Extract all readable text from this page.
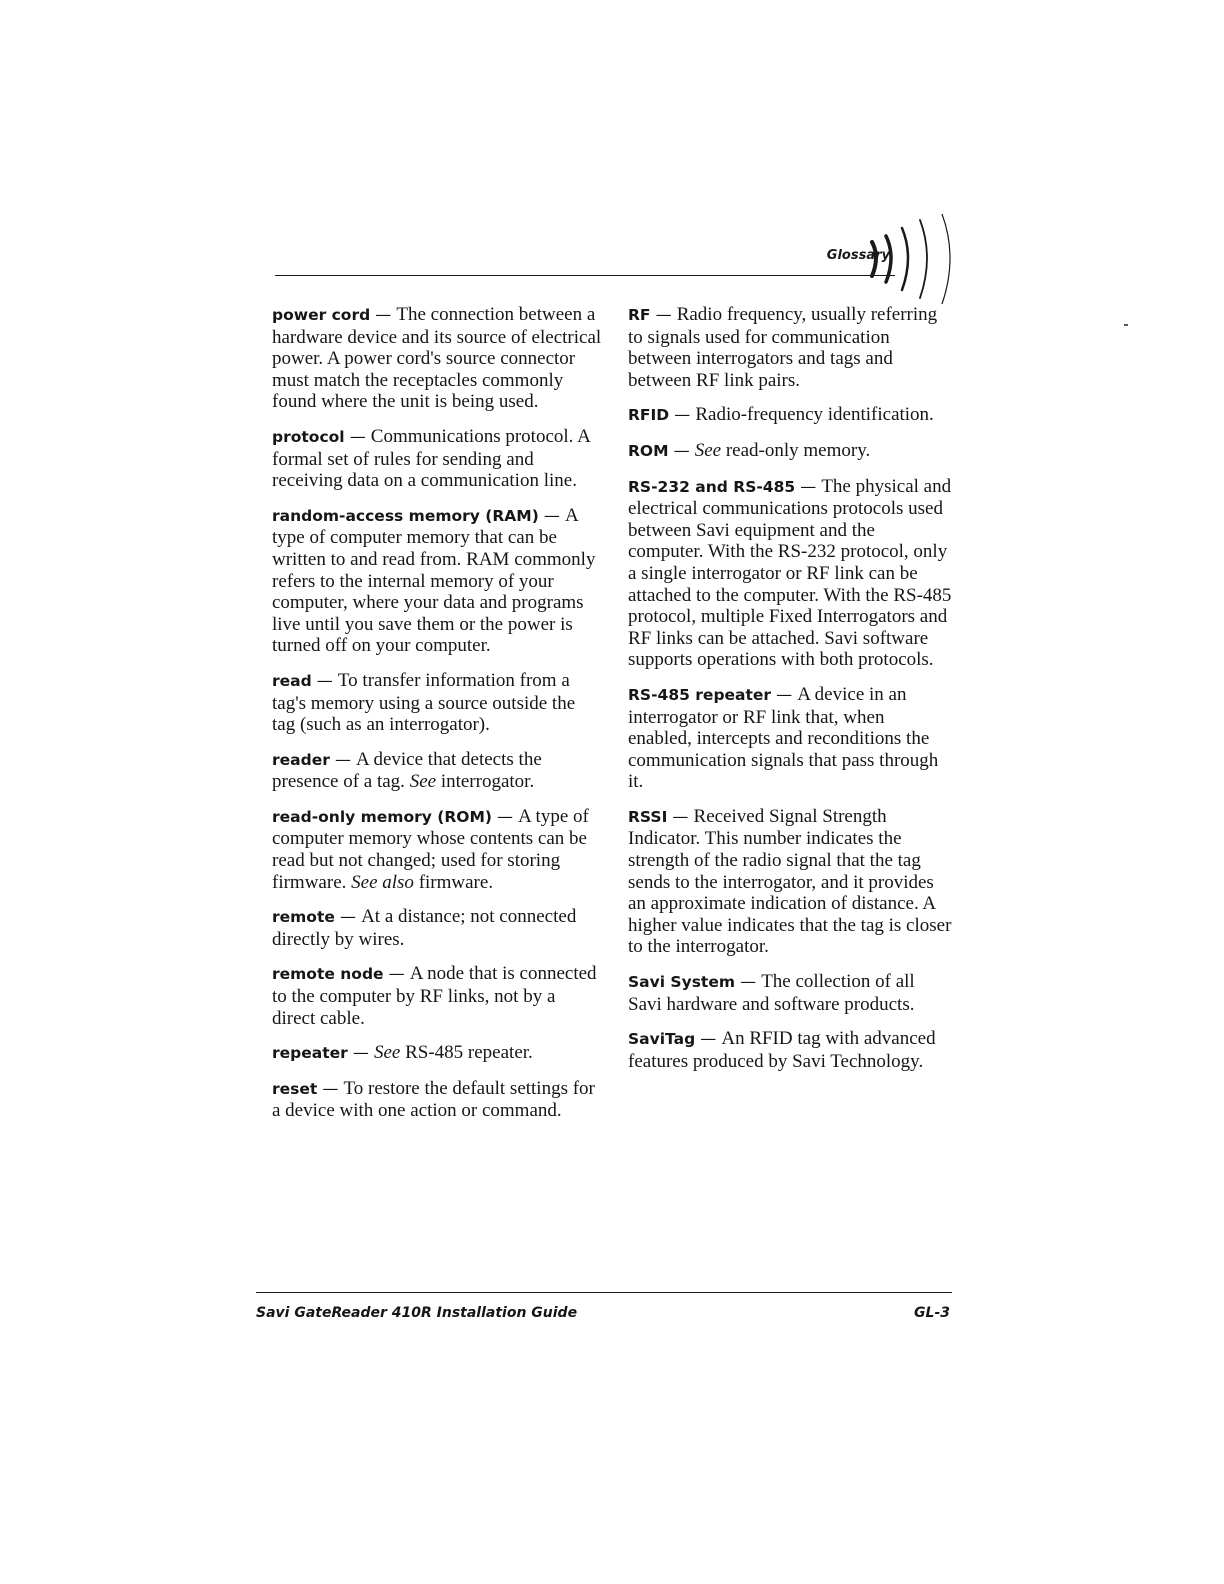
Glossary

power cord — The connection between a hardware device and its source of electrical power. A power cord's source connector must match the receptacles commonly found where the unit is being used.

protocol — Communications protocol. A formal set of rules for sending and receiving data on a communication line.

random-access memory (RAM) — A type of computer memory that can be written to and read from. RAM commonly refers to the internal memory of your computer, where your data and programs live until you save them or the power is turned off on your computer.

read — To transfer information from a tag's memory using a source outside the tag (such as an interrogator).

reader — A device that detects the presence of a tag. See interrogator.

read-only memory (ROM) — A type of computer memory whose contents can be read but not changed; used for storing firmware. See also firmware.

remote — At a distance; not connected directly by wires.

remote node — A node that is connected to the computer by RF links, not by a direct cable.

repeater — See RS-485 repeater.

reset — To restore the default settings for a device with one action or command.

RF — Radio frequency, usually referring to signals used for communication between interrogators and tags and between RF link pairs.

RFID — Radio-frequency identification.

ROM — See read-only memory.

RS-232 and RS-485 — The physical and electrical communications protocols used between Savi equipment and the computer. With the RS-232 protocol, only a single interrogator or RF link can be attached to the computer. With the RS-485 protocol, multiple Fixed Interrogators and RF links can be attached. Savi software supports operations with both protocols.

RS-485 repeater — A device in an interrogator or RF link that, when enabled, intercepts and reconditions the communication signals that pass through it.

RSSI — Received Signal Strength Indicator. This number indicates the strength of the radio signal that the tag sends to the interrogator, and it provides an approximate indication of distance. A higher value indicates that the tag is closer to the interrogator.

Savi System — The collection of all Savi hardware and software products.

SaviTag — An RFID tag with advanced features produced by Savi Technology.

Savi GateReader 410R Installation Guide	GL-3
